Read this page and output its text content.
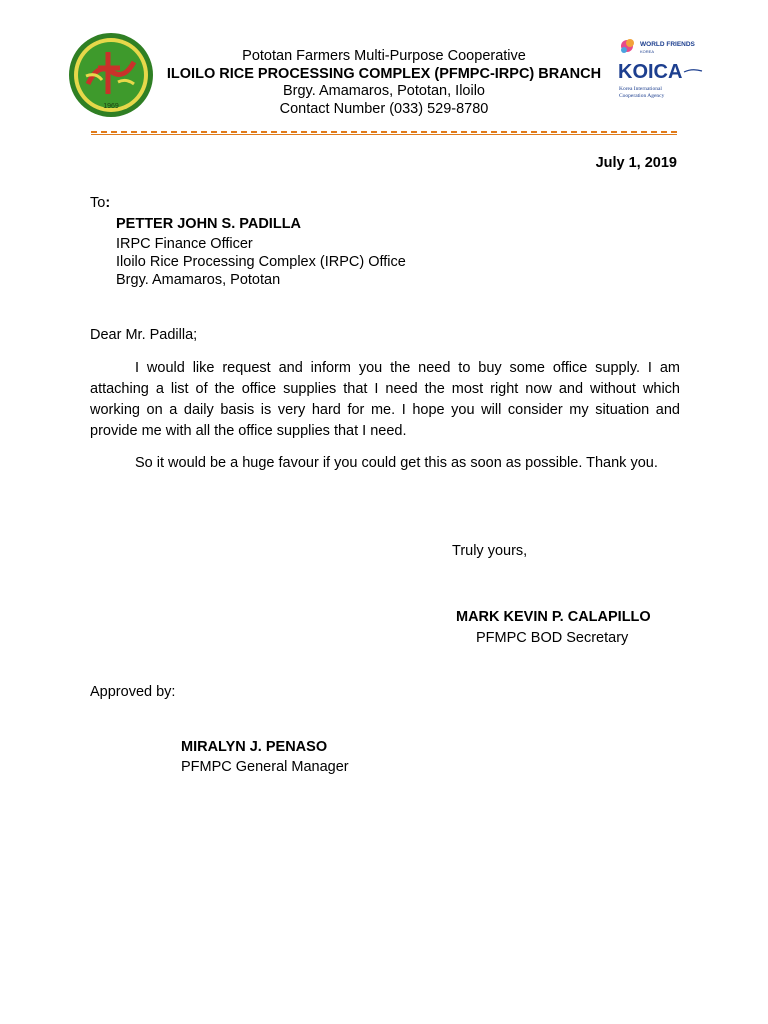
1969
Pototan Farmers Multi-Purpose Cooperative
ILOILO RICE PROCESSING COMPLEX (PFMPC-IRPC) BRANCH
Brgy. Amamaros, Pototan, Iloilo
Contact Number (033) 529-8780
WORLD FRIENDS
KOREA
KOICA
Korea International
Cooperation Agency
July 1, 2019
To:
PETTER JOHN S. PADILLA
IRPC Finance Officer
Iloilo Rice Processing Complex (IRPC) Office
Brgy. Amamaros, Pototan
Dear Mr. Padilla;
I would like request and inform you the need to buy some office supply. I am attaching a list of the office supplies that I need the most right now and without which working on a daily basis is very hard for me. I hope you will consider my situation and provide me with all the office supplies that I need.
So it would be a huge favour if you could get this as soon as possible. Thank you.
Truly yours,
MARK KEVIN P. CALAPILLO
PFMPC BOD Secretary
Approved by:
MIRALYN J. PENASO
PFMPC General Manager
